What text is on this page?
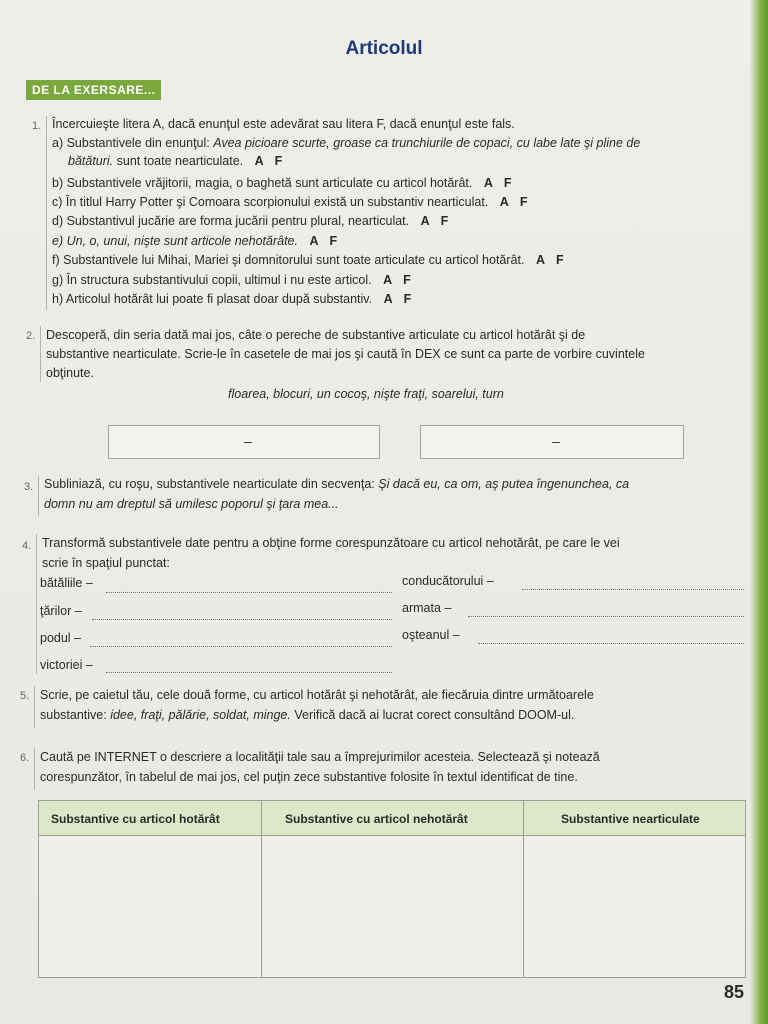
Articolul
DE LA EXERSARE...
1. Încercuieşte litera A, dacă enunţul este adevărat sau litera F, dacă enunţul este fals.
a) Substantivele din enunţul: Avea picioare scurte, groase ca trunchiurile de copaci, cu labe late şi pline de
bătături. sunt toate nearticulate. A F
b) Substantivele vrăjitorii, magia, o baghetă sunt articulate cu articol hotărât. A F
c) În titlul Harry Potter şi Comoara scorpionului există un substantiv nearticulat. A F
d) Substantivul jucărie are forma jucării pentru plural, nearticulat. A F
e) Un, o, unui, nişte sunt articole nehotărâte. A F
f) Substantivele lui Mihai, Mariei şi domnitorului sunt toate articulate cu articol hotărât. A F
g) În structura substantivului copii, ultimul i nu este articol. A F
h) Articolul hotărât lui poate fi plasat doar după substantiv. A F
2. Descoperă, din seria dată mai jos, câte o pereche de substantive articulate cu articol hotărât şi de
substantive nearticulate. Scrie-le în casetele de mai jos şi caută în DEX ce sunt ca parte de vorbire cuvintele
obţinute.
floarea, blocuri, un cocoş, nişte fraţi, soarelui, turn
–	–
3. Subliniază, cu roşu, substantivele nearticulate din secvenţa: Şi dacă eu, ca om, aş putea îngenunchea, ca
domn nu am dreptul să umilesc poporul şi ţara mea...
4. Transformă substantivele date pentru a obţine forme corespunzătoare cu articol nehotărât, pe care le vei
scrie în spaţiul punctat:
bătăliile –	conducătorului –
ţărilor –	armata –
podul –	oşteanul –
victoriei –
5. Scrie, pe caietul tău, cele două forme, cu articol hotărât şi nehotărât, ale fiecăruia dintre următoarele
substantive: idee, fraţi, pălărie, soldat, minge. Verifică dacă ai lucrat corect consultând DOOM-ul.
6. Caută pe INTERNET o descriere a localităţii tale sau a împrejurimilor acesteia. Selectează şi notează
corespunzător, în tabelul de mai jos, cel puţin zece substantive folosite în textul identificat de tine.
Substantive cu articol hotărât	Substantive cu articol nehotărât	Substantive nearticulate
85
